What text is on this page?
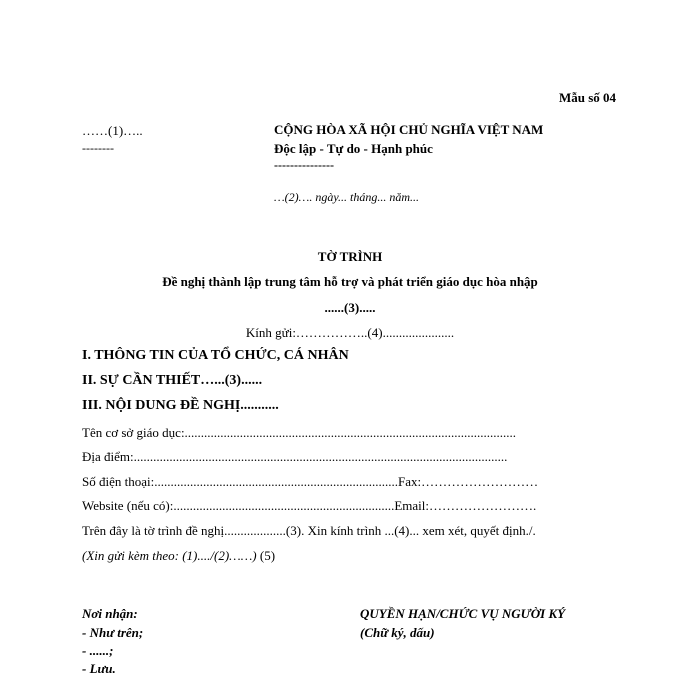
Mẫu số 04
……(1)…..
--------
CỘNG HÒA XÃ HỘI CHỦ NGHĨA VIỆT NAM
Độc lập - Tự do - Hạnh phúc
---------------
…(2)…. ngày... tháng... năm...
TỜ TRÌNH
Đề nghị thành lập trung tâm hỗ trợ và phát triển giáo dục hòa nhập
......(3).....
Kính gửi:……………..(4)......................
I. THÔNG TIN CỦA TỔ CHỨC, CÁ NHÂN
II. SỰ CẦN THIẾT…...(3)......
III. NỘI DUNG ĐỀ NGHỊ...........
Tên cơ sở giáo dục:......................................................................................................
Địa điểm:...................................................................................................................
Số điện thoại:...........................................................................Fax:………………………
Website (nếu có):....................................................................Email:…………………….
Trên đây là tờ trình đề nghị...................(3). Xin kính trình ...(4)... xem xét, quyết định./.
(Xin gửi kèm theo: (1)..../(2)……) (5)
Nơi nhận:
- Như trên;
- ......;
- Lưu.
QUYỀN HẠN/CHỨC VỤ NGƯỜI KÝ
(Chữ ký, dấu)
